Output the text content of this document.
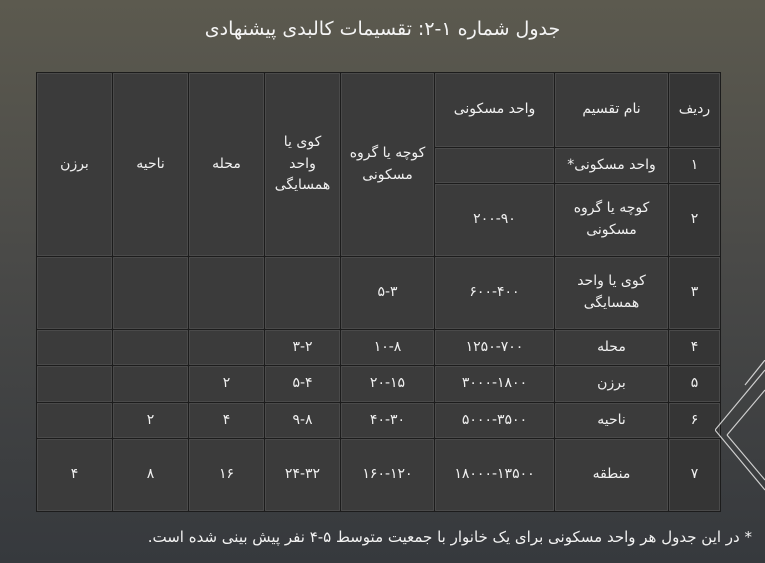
جدول شماره ۱-۲: تقسیمات کالبدی پیشنهادی
ردیف	نام تقسیم	واحد مسکونی	کوچه یا گروه مسکونی	کوی یا واحد همسایگی	محله	ناحیه	برزن
۱	واحد مسکونی*						
۲	کوچه یا گروه مسکونی	۲۰۰-۹۰					
۳	کوی یا واحد همسایگی	۶۰۰-۴۰۰	۵-۳				
۴	محله	۱۲۵۰-۷۰۰	۱۰-۸	۳-۲			
۵	برزن	۳۰۰۰-۱۸۰۰	۲۰-۱۵	۵-۴	۲		
۶	ناحیه	۵۰۰۰-۳۵۰۰	۴۰-۳۰	۹-۸	۴	۲	
۷	منطقه	۱۸۰۰۰-۱۳۵۰۰	۱۶۰-۱۲۰	۲۴-۳۲	۱۶	۸	۴
* در این جدول هر واحد مسکونی برای یک خانوار با جمعیت متوسط ۵-۴ نفر پیش بینی شده است.
